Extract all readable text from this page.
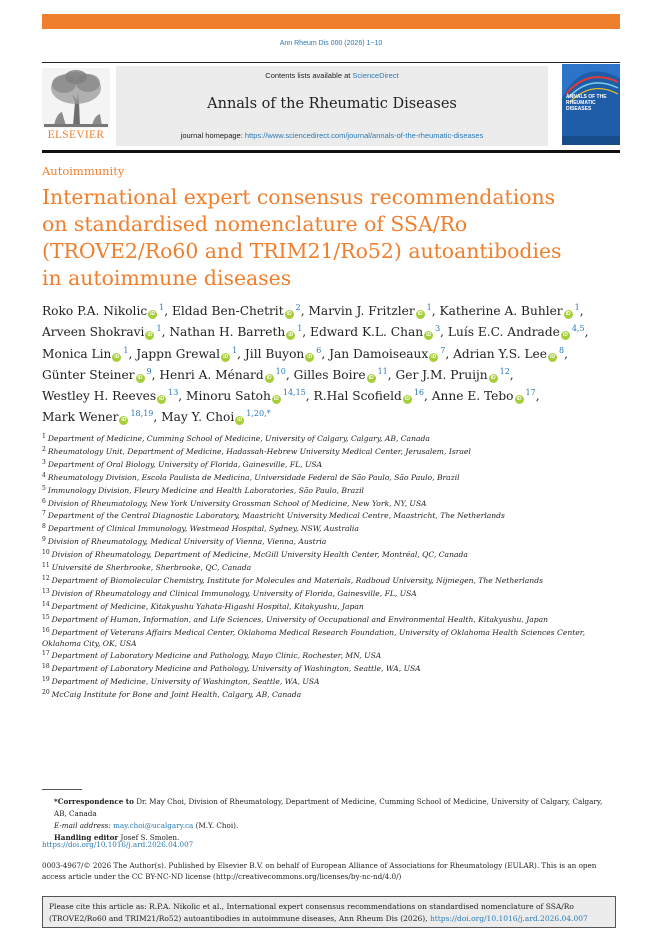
Ann Rheum Dis 000 (2026) 1−10
ELSEVIER
Contents lists available at ScienceDirect
Annals of the Rheumatic Diseases
journal homepage: https://www.sciencedirect.com/journal/annals-of-the-rheumatic-diseases
ANNALS OF THE RHEUMATIC DISEASES
Autoimmunity
International expert consensus recommendations on standardised nomenclature of SSA/Ro (TROVE2/Ro60 and TRIM21/Ro52) autoantibodies in autoimmune diseases
Roko P.A. Nikolic $iD^1$, Eldad Ben-Chetrit $iD^2$, Marvin J. Fritzler $iD^1$, Katherine A. Buhler $iD^1$, Arveen Shokravi $iD^1$, Nathan H. Barreth $iD^1$, Edward K.L. Chan $iD^3$, Luís E.C. Andrade iD$^{4,5}$, Monica Lin $iD^1$, Jappn Grewal $iD^1$, Jill Buyon $iD^6$, Jan Damoiseaux $iD^7$, Adrian Y.S. Lee $iD^8$, Günter Steiner $iD^9$, Henri A. Ménard $iD^{10}$, Gilles Boire $iD^{11}$, Ger J.M. Pruijn $iD^{12}$, Westley H. Reeves $iD^{13}$, Minoru Satoh iD$^{14,15}$, R.Hal Scofield $iD^{16}$, Anne E. Tebo $iD^{17}$, Mark Wener iD$^{18,19}$, May Y. Choi $iD^{1,20,*}$
$^1$ Department of Medicine, Cumming School of Medicine, University of Calgary, Calgary, AB, Canada
$^2$ Rheumatology Unit, Department of Medicine, Hadassah-Hebrew University Medical Center, Jerusalem, Israel
$^3$ Department of Oral Biology, University of Florida, Gainesville, FL, USA
$^4$ Rheumatology Division, Escola Paulista de Medicina, Universidade Federal de São Paulo, São Paulo, Brazil
$^5$ Immunology Division, Fleury Medicine and Health Laboratories, São Paulo, Brazil
$^6$ Division of Rheumatology, New York University Grossman School of Medicine, New York, NY, USA
$^7$ Department of the Central Diagnostic Laboratory, Maastricht University Medical Centre, Maastricht, The Netherlands
$^8$ Department of Clinical Immunology, Westmead Hospital, Sydney, NSW, Australia
$^9$ Division of Rheumatology, Medical University of Vienna, Vienna, Austria
$^{10}$ Division of Rheumatology, Department of Medicine, McGill University Health Center, Montréal, QC, Canada
$^{11}$ Université de Sherbrooke, Sherbrooke, QC, Canada
$^{12}$ Department of Biomolecular Chemistry, Institute for Molecules and Materials, Radboud University, Nijmegen, The Netherlands
$^{13}$ Division of Rheumatology and Clinical Immunology, University of Florida, Gainesville, FL, USA
$^{14}$ Department of Medicine, Kitakyushu Yahata-Higashi Hospital, Kitakyushu, Japan
$^{15}$ Department of Human, Information, and Life Sciences, University of Occupational and Environmental Health, Kitakyushu, Japan
$^{16}$ Department of Veterans Affairs Medical Center, Oklahoma Medical Research Foundation, University of Oklahoma Health Sciences Center, Oklahoma City, OK, USA
$^{17}$ Department of Laboratory Medicine and Pathology, Mayo Clinic, Rochester, MN, USA
$^{18}$ Department of Laboratory Medicine and Pathology, University of Washington, Seattle, WA, USA
$^{19}$ Department of Medicine, University of Washington, Seattle, WA, USA
$^{20}$ McCaig Institute for Bone and Joint Health, Calgary, AB, Canada
*Correspondence to Dr. May Choi, Division of Rheumatology, Department of Medicine, Cumming School of Medicine, University of Calgary, Calgary, AB, Canada
E-mail address: may.choi@ucalgary.ca (M.Y. Choi).
Handling editor Josef S. Smolen.
https://doi.org/10.1016/j.ard.2026.04.007
0003-4967/© 2026 The Author(s). Published by Elsevier B.V. on behalf of European Alliance of Associations for Rheumatology (EULAR). This is an open access article under the CC BY-NC-ND license (http://creativecommons.org/licenses/by-nc-nd/4.0/)
Please cite this article as: R.P.A. Nikolic et al., International expert consensus recommendations on standardised nomenclature of SSA/Ro (TROVE2/Ro60 and TRIM21/Ro52) autoantibodies in autoimmune diseases, Ann Rheum Dis (2026), https://doi.org/10.1016/j.ard.2026.04.007
